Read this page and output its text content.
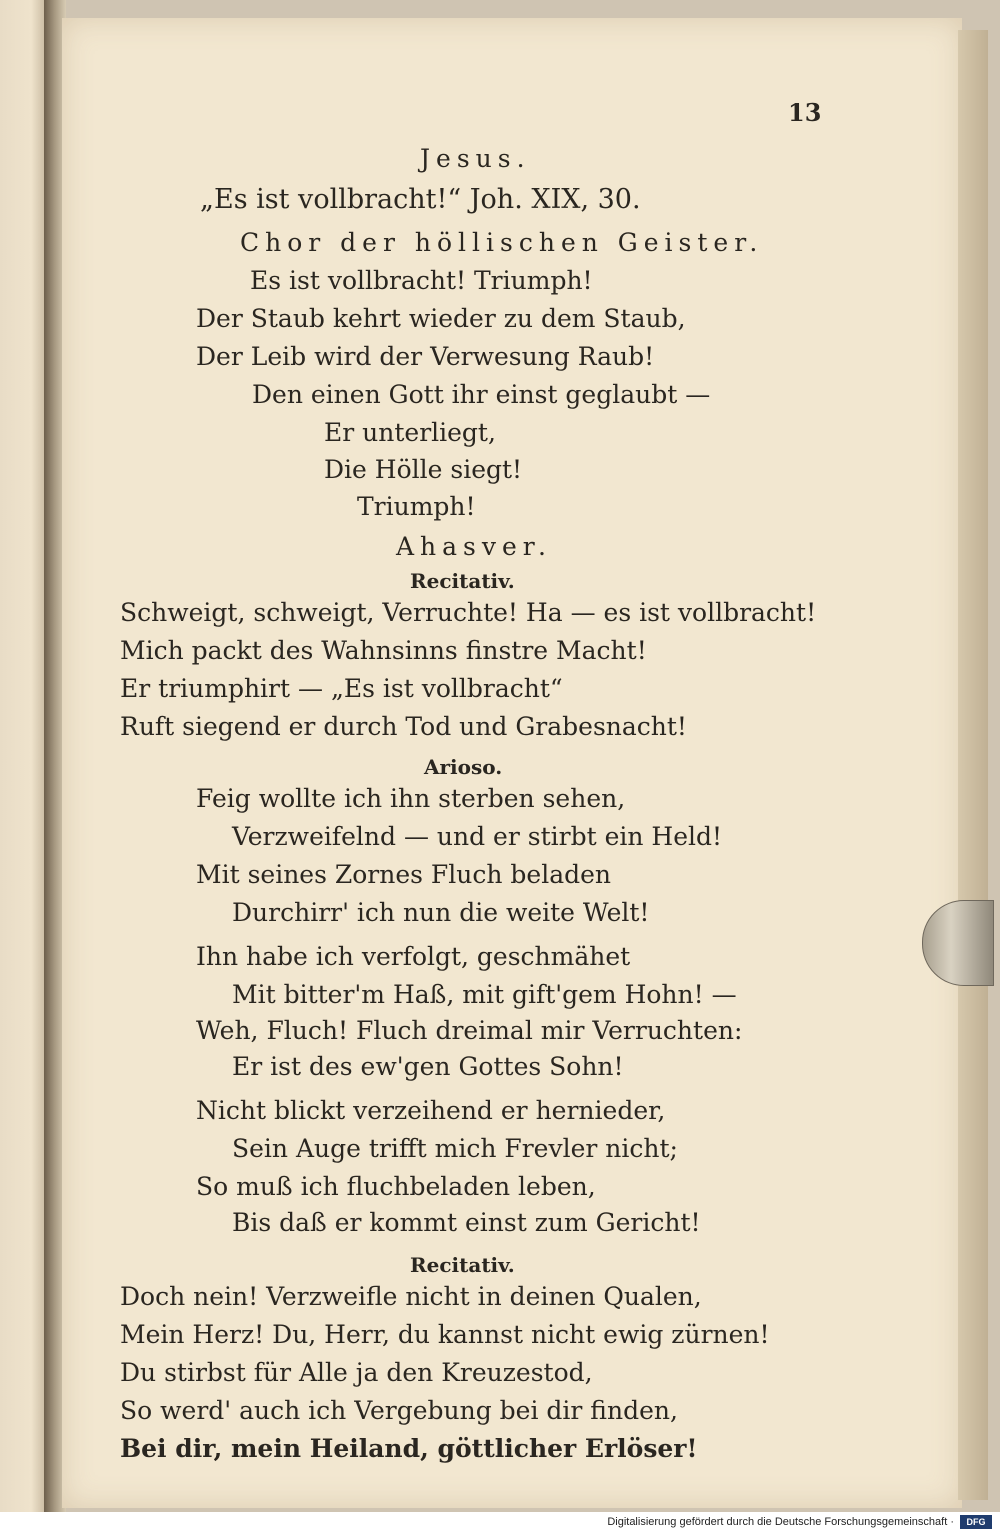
13
Jesus.
„Es ist vollbracht!“ Joh. XIX, 30.
Chor der höllischen Geister.
Es ist vollbracht! Triumph!
Der Staub kehrt wieder zu dem Staub,
Der Leib wird der Verwesung Raub!
Den einen Gott ihr einst geglaubt —
Er unterliegt,
Die Hölle siegt!
Triumph!
Ahasver.
Recitativ.
Schweigt, schweigt, Verruchte! Ha — es ist vollbracht!
Mich packt des Wahnsinns finstre Macht!
Er triumphirt — „Es ist vollbracht“
Ruft siegend er durch Tod und Grabesnacht!
Arioso.
Feig wollte ich ihn sterben sehen,
Verzweifelnd — und er stirbt ein Held!
Mit seines Zornes Fluch beladen
Durchirr' ich nun die weite Welt!
Ihn habe ich verfolgt, geschmähet
Mit bitter'm Haß, mit gift'gem Hohn! —
Weh, Fluch! Fluch dreimal mir Verruchten:
Er ist des ew'gen Gottes Sohn!
Nicht blickt verzeihend er hernieder,
Sein Auge trifft mich Frevler nicht;
So muß ich fluchbeladen leben,
Bis daß er kommt einst zum Gericht!
Recitativ.
Doch nein! Verzweifle nicht in deinen Qualen,
Mein Herz! Du, Herr, du kannst nicht ewig zürnen!
Du stirbst für Alle ja den Kreuzestod,
So werd' auch ich Vergebung bei dir finden,
Bei dir, mein Heiland, göttlicher Erlöser!
Digitalisierung gefördert durch die Deutsche Forschungsgemeinschaft ·	DFG
